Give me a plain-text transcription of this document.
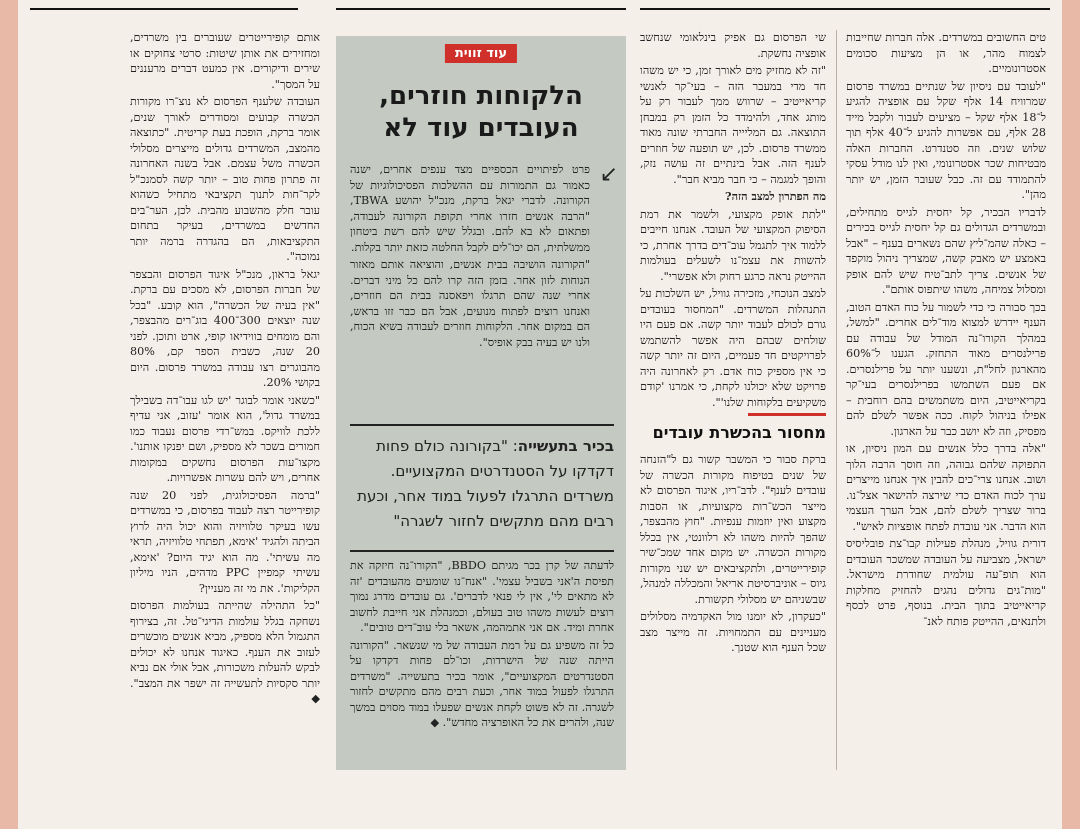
טים החשובים במשרדים. אלה חברות שחייבות לצמוח מהר, או הן מציעות סכומים אסטרונומיים.

"לעובד עם ניסיון של שנתיים במשרד פרסום שמרוויח 14 אלף שקל עם אופציה להגיע ל־18 אלף שקל – מציעים לעבור ולקבל מייד 28 אלף, עם אפשרות להגיע ל־40 אלף תוך שלוש שנים. וזה סטנדרט. החברות האלה מבטיחות שכר אסטרונומי, ואין לנו מודל עסקי להתמודד עם זה. כבל שעובר הזמן, יש יותר מהן".

לדבריו הבכיר, קל יחסית לגייס מתחילים, ובמשרדים הגדולים גם קל יחסית לגייס בכירים – כאלה שהמ־ליץ שהם נשארים בענף – "אבל באמצע יש מאבק קשה, שמצריך ניהול מוקפד של אנשים. צריך לתב־טיח שיש להם אופק ומסלול צמיחה, משהו שיתפוס אותם".

בכך סבורה כי כדי לשמור על כוח האדם הטוב, הענף יידרש למצוא מוד־לים אחרים. "למשל, במהלך הקורו־נה המודל של עבודה עם פרילנסרים מאוד התחזק. הגענו ל־60% מהארגון לחל"ת, ונשענו יותר על פרילנסרים. אם פעם השתמשו בפרילנסרים בעי־קר בקריאייטיב, היום משתמשים בהם רוחבית – אפילו בניהול לקוח. ככה אפשר לשלם להם מפסיק, וזה לא יושב כבר על הארגון.

"אלה בדרך כלל אנשים עם המון ניסיון, או התפוקה שלהם גבוהה, וזה חוסך הרבה הלוך ושוב. אנחנו צרי־כים להבין איך אנחנו מייצרים ערך לכוח האדם כדי שירצה להישאר אצל־נו. ברור שצריך לשלם להם, אבל הערך העצמי הוא הדבר. אני עובדת לפתח אופציות לאיש".

דורית גוויל, מנהלת פעילות קבו־צת פובליסיס ישראל, מצביעה על העובדה שמשכר העובדים הוא תופ־עה עולמית שחודרת מישראל. "מות־גים גדולים נהגים להחזיק מחלקות קריאייטיב בתוך הבית. בנוסף, פרט לכסף ולתנאים, ההייטק פותח לאנ־

שי הפרסום גם אפיק בינלאומי שנחשב אופציה נחשקת.

"זה לא מחזיק מים לאורך זמן, כי יש משהו חד מדי במעבר הזה – בעי־קר לאנשי קריאייטיב – שרווש ממך לעבור רק על מותג אחד, ולהימדד כל הזמן רק במבחן התוצאה. גם המליייה החברתי שונה מאוד ממשרד פרסום. לכן, יש תופעה של חוזרים לענף הזה. אבל בינתיים זה עושה נזק, והופך למגמה – כי חבר מביא חבר".

מה הפתרון למצב הזה?

"לתת אופק מקצועי, ולשמר את רמת הסיפוק המקצועי של העובד. אנחנו חייבים ללמוד איך לתגמל עוב־דים בדרך אחרת, כי להשוות את עצמ־נו לשעלים בעולמות ההייטק נראה כרגע רחוק ולא אפשרי".

למצב הנוכחי, מזכירה גוויל, יש השלכות על התנהלות המשרדים. "המחסור בעובדים גורם לכולם לעבוד יותר קשה. אם פעם היו שולחים שבהם היה אפשר להשתמש לפרויקטים חד פעמיים, היום זה יותר קשה כי אין מספיק כוח אדם. רק לאחרונה היה פרויקט שלא יכולנו לקחת, כי אמרנו 'קודם משקיעים בלקוחות שלנו'".

מחסור בהכשרת עובדים

ברקת סבור כי המשבר קשור גם ל"הזנחה של שנים בטיפוח מקורות הכשרה של עובדים לענף". לדב־ריו, איגוד הפרסום לא מייצר הכש־רות מקצועיות, או הסבות מקצוע ואין יוזמות ענפיות. "חוץ מהבצפר, שהפך להיות משהו לא רלוונטי, אין בכלל מקורות הכשרה. יש מקום אחד שמכ־שיר קופירייטרים, ולתקציבאים יש שני מקורות גיוס – אוניברסיטת אריאל והמכללה למנהל, שבשניהם יש מסלולי תקשורת.

"כעקרון, לא יומנו מול האקדמיה מסלולים מעניינים עם התמחויות. זה מייצר מצב שכל הענף הוא שטנך.

עוד זווית
הלקוחות חוזרים, העובדים עוד לא
↙

פרט לפיתויים הכספיים מצד ענפים אחרים, ישנה כאמור גם התמורות עם ההשלכות הפסיכולוגיות של הקורונה. לדברי יגאל ברקת, מנכ"ל יהושע TBWA, "הרבה אנשים חזרו אחרי תקופת הקורונה לעבודה, ופתאום לא בא להם. ובגלל שיש להם רשת ביטחון ממשלתית, הם יכו־לים לקבל החלטה כזאת יותר בקלות.

"הקורונה הושיבה בבית אנשים, והוציאה אותם מאזור הנוחות לזון אחר. בזמן הזה קרו להם כל מיני דברים. אחרי שנה שהם תרגלו ויפאסנה בבית הם חוזרים, ואנחנו רוצים לפתוח מנועים, אבל הם כבר זזו בראש, הם במקום אחר. הלקוחות חוזרים לעבודה בשיא הכוח, ולנו יש בעיה בבק אופיס".

בכיר בתעשייה: "בקורונה כולם פחות דקדקו על הסטנדרטים המקצועיים. משרדים התרגלו לפעול במוד אחר, וכעת רבים מהם מתקשים לחזור לשגרה"

לדעתה של קרן בכר מגיתם BBDO, "הקורו־נה חיזקה את תפיסת ה'אני בשביל עצמי'. "אנח־נו שומעים מהעובדים 'זה לא מתאים לי', אין לי פנאי לדברים'. גם עובדים מדרג נמוך רוצים לעשות משהו טוב בעולם, וכמנהלת אני חייבת לחשוב אחרת ומיד. אם אני אתמהמה, אשאר בלי עוב־דים טובים".

כל זה משפיע גם על רמת העבודה של מי שנשאר. "הקורונה הייתה שנה של הישרדות, וכו־לם פחות דקדקו על הסטנדרטים המקצועיים", אומר בכיר בתעשייה. "משרדים התרגלו לפעול במוד אחר, וכעת רבים מהם מתקשים לחזור לשגרה. זה לא פשוט לקחת אנשים שפעלו במוד מסוים במשך שנה, ולהרים את כל האופרציה מחדש". ◆

אותם קופירייטרים שעוברים בין משרדים, ומחזירים את אותן שיטות: סרטי צחוקים או שירים ודיקורים. אין כמעט דברים מרעננים על המסך".

העובדה שלענף הפרסום לא נוצ־רו מקורות הכשרה קבועים ומסודרים לאורך שנים, אומר ברקת, הופכת בעת קריטית. "כתוצאה מהמצב, המשרדים גדולים מייצרים מסלולי הכשרה משל עצמם. אבל בשנה האחרונה זה פתרון פחות טוב – יותר קשה לסמנכ"ל לקר־חות לתנוך תקציבאי מתחיל כשהוא עובר חלק מהשבוע מהבית. לכן, הער־בים החדשים במשרדים, בעיקר בתחום התקציבאות, הם בהגדרה ברמה יותר נמוכה".

יגאל בראון, מנכ"ל איגוד הפרסום והבצפר של חברות הפרסום, לא מסכים עם ברקת. "אין בעיה של הכשרה", הוא קובע. "בכל שנה יוצאים 300־400 בוג־רים מהבצפר, והם מומחים בווידיאו קופי, ארט ותוכן. לפני 20 שנה, כשבית הספר קם, 80% מהבוגרים רצו עבודה במשרד פרסום. היום בקושי 20%.

"כשאני אומר לבוגר 'יש לגו עבו־דה בשבילך במשרד גדול', הוא אומר 'עזוב, אני עדיף ללכת לוויקס. במש־רדי פרסום נעבוד כמו חמורים בשכר לא מספיק, ושם יפנקו אותנו'. מקצו־עות הפרסום נחשקים במקומות אחרים, ויש להם עשרות אפשרויות.

"ברמה הפסיכולוגית, לפני 20 שנה קופירייטר רצה לעבוד בפרסום, כי במשרדים עשו בעיקר טלוויזיה והוא יכול היה לרוץ הביתה ולהגיד 'אימא, תפתחי טלוויזיה, תראי מה עשיתי'. מה הוא יגיד היום? 'אימא, עשיתי קמפיין PPC מדהים, הניו מיליון הקליקות'. את מי זה מעניין?

"כל התהילה שהייתה בעולמות הפרסום נשחקה בגלל עולמות הדיגי־טל. זה, בצירוף התגמול הלא מספיק, מביא אנשים מוכשרים לעזוב את הענף. כאיגוד אנחנו לא יכולים לבקש להעלות משכורות, אבל אולי אם נביא יותר סקסיות לתעשייה זה ישפר את המצב". ◆
